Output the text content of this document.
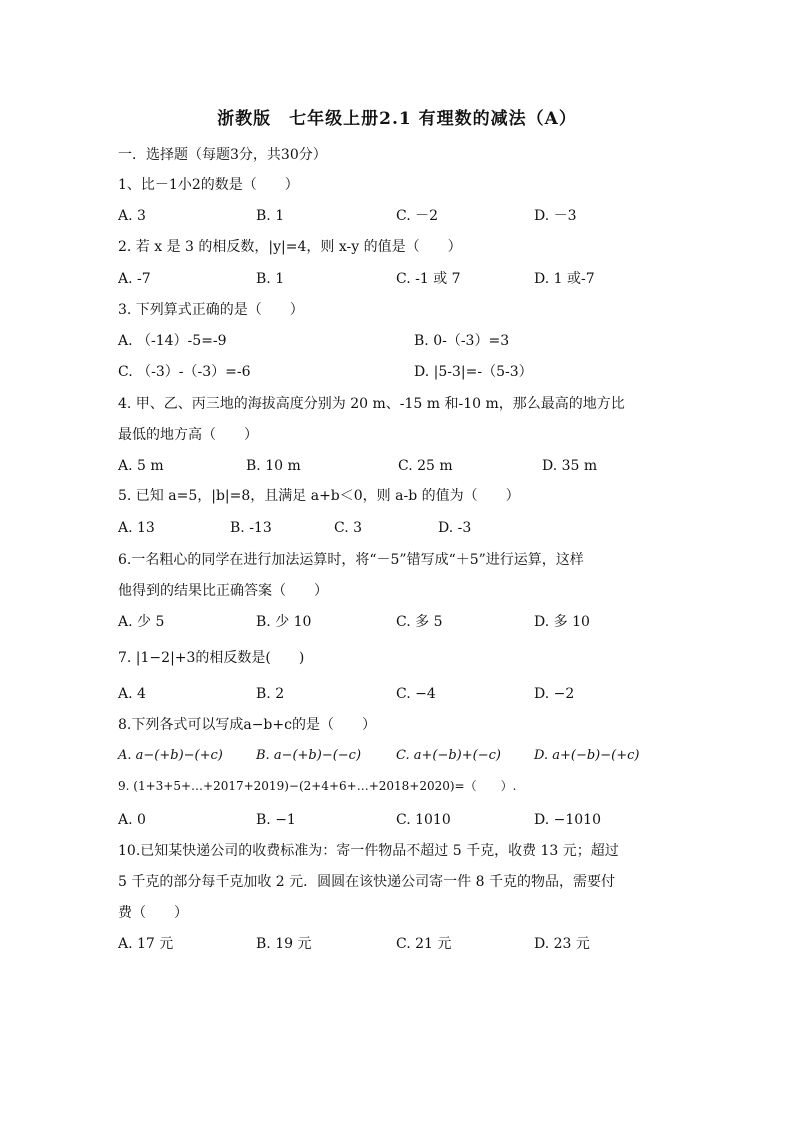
浙教版　七年级上册2.1 有理数的减法（A）
一．选择题（每题3分，共30分）
1、比－1小2的数是（　　）
A. 3	B. 1	C. －2	D. －3
2. 若 x 是 3 的相反数，|y|=4，则 x-y 的值是（　　）
A. -7	B. 1	C. -1 或 7	D. 1 或-7
3. 下列算式正确的是（　　）
A. （-14）-5=-9	B. 0-（-3）=3
C. （-3）-（-3）=-6	D. |5-3|=-（5-3）
4. 甲、乙、丙三地的海拔高度分别为 20 m、-15 m 和-10 m，那么最高的地方比
最低的地方高（　　）
A. 5 m	B. 10 m	C. 25 m	D. 35 m
5. 已知 a=5，|b|=8，且满足 a+b＜0，则 a-b 的值为（　　）
A. 13	B. -13	C. 3	D. -3
6.一名粗心的同学在进行加法运算时，将“－5”错写成“＋5”进行运算，这样
他得到的结果比正确答案（　　）
A. 少 5	B. 少 10	C. 多 5	D. 多 10
7. |1−2|+3的相反数是(　　)
A. 4	B. 2	C. −4	D. −2
8.下列各式可以写成a−b+c的是（　　）
A. a−(+b)−(+c)	B. a−(+b)−(−c)	C. a+(−b)+(−c)	D. a+(−b)−(+c)
9. (1+3+5+…+2017+2019)−(2+4+6+…+2018+2020)=（　　）.
A. 0	B. −1	C. 1010	D. −1010
10.已知某快递公司的收费标准为：寄一件物品不超过 5 千克，收费 13 元；超过
5 千克的部分每千克加收 2 元．圆圆在该快递公司寄一件 8 千克的物品，需要付
费（　　）
A. 17 元	B. 19 元	C. 21 元	D. 23 元
